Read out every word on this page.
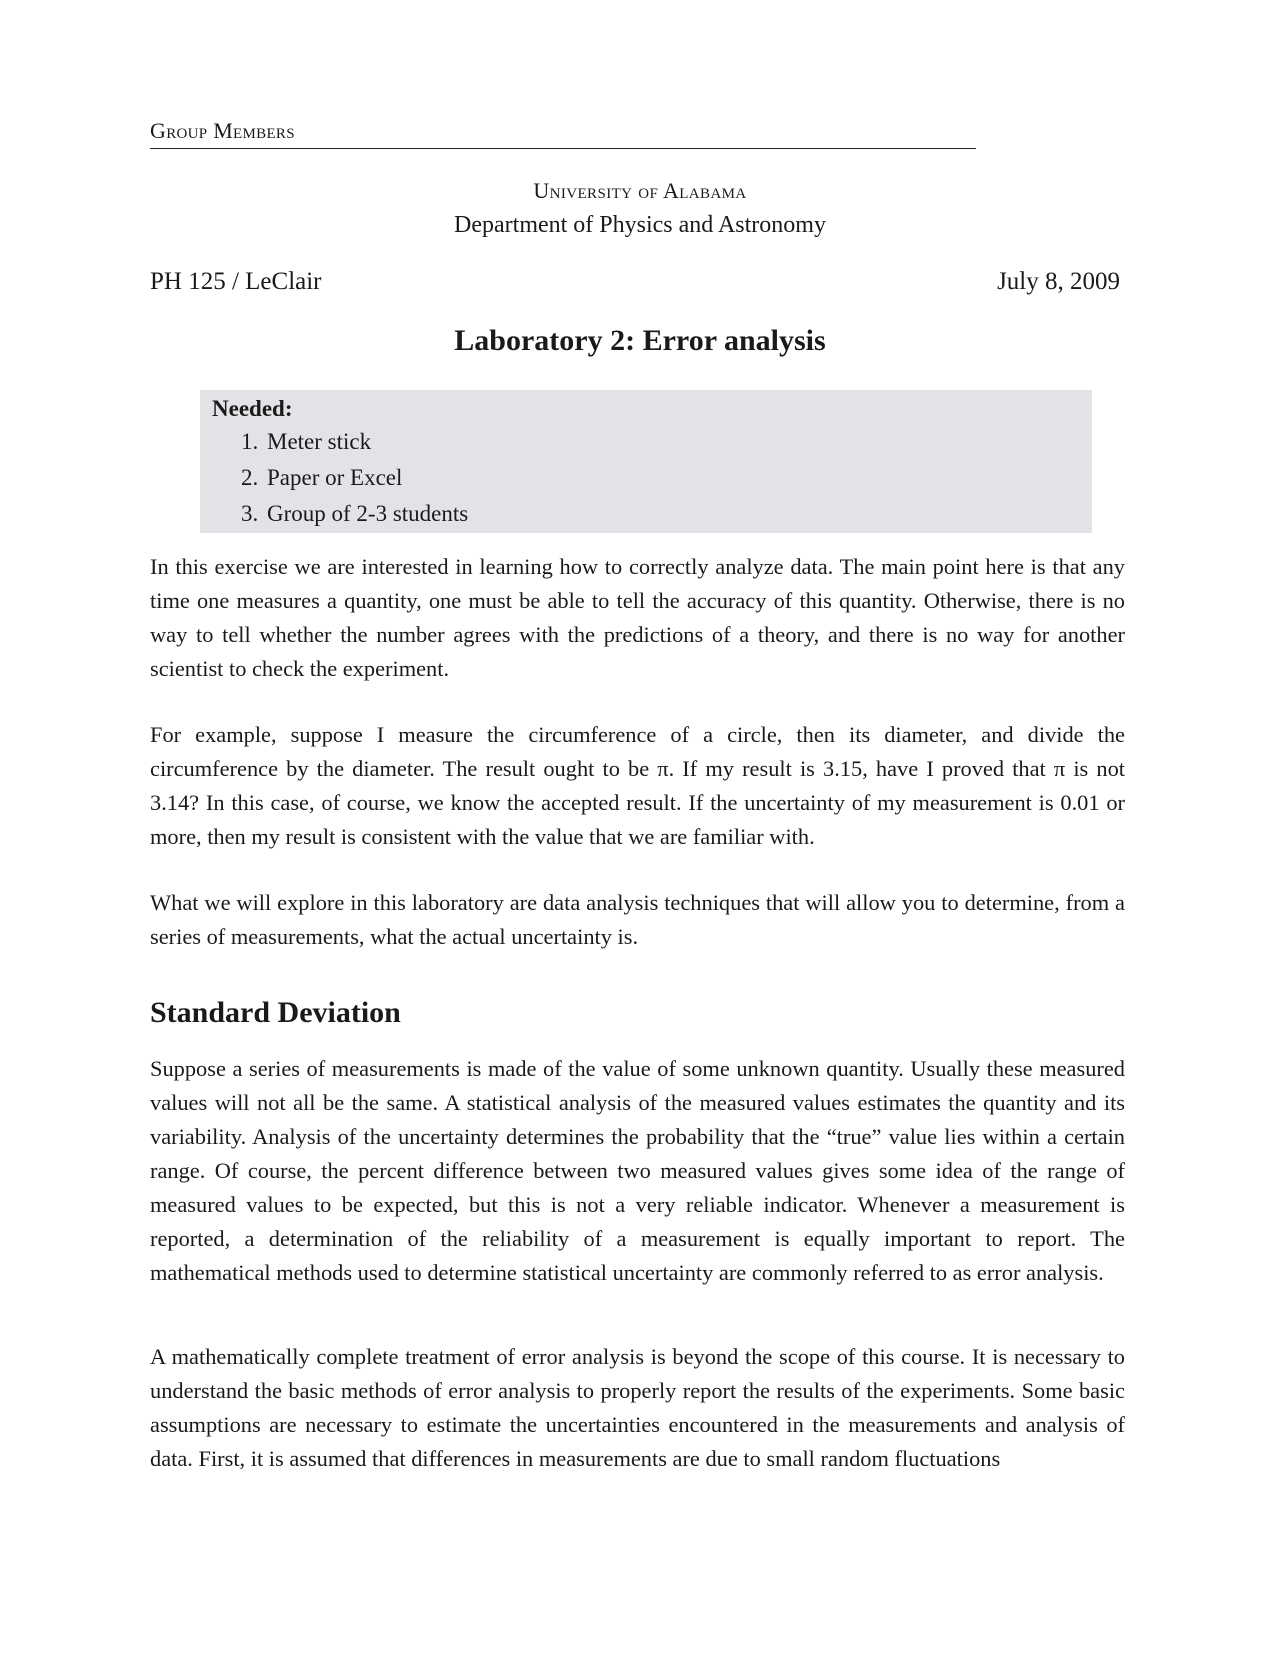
Group Members
University of Alabama
Department of Physics and Astronomy
PH 125 / LeClair	July 8, 2009
Laboratory 2: Error analysis
Needed:
1. Meter stick
2. Paper or Excel
3. Group of 2-3 students

In this exercise we are interested in learning how to correctly analyze data. The main point here is that any time one measures a quantity, one must be able to tell the accuracy of this quantity. Otherwise, there is no way to tell whether the number agrees with the predictions of a theory, and there is no way for another scientist to check the experiment.

For example, suppose I measure the circumference of a circle, then its diameter, and divide the circumference by the diameter. The result ought to be π. If my result is 3.15, have I proved that π is not 3.14? In this case, of course, we know the accepted result. If the uncertainty of my measurement is 0.01 or more, then my result is consistent with the value that we are familiar with.

What we will explore in this laboratory are data analysis techniques that will allow you to determine, from a series of measurements, what the actual uncertainty is.

Standard Deviation

Suppose a series of measurements is made of the value of some unknown quantity. Usually these measured values will not all be the same. A statistical analysis of the measured values estimates the quantity and its variability. Analysis of the uncertainty determines the probability that the “true” value lies within a certain range. Of course, the percent difference between two measured values gives some idea of the range of measured values to be expected, but this is not a very reliable indicator. Whenever a measurement is reported, a determination of the reliability of a measurement is equally important to report. The mathematical methods used to determine statistical uncertainty are commonly referred to as error analysis.

A mathematically complete treatment of error analysis is beyond the scope of this course. It is necessary to understand the basic methods of error analysis to properly report the results of the experiments. Some basic assumptions are necessary to estimate the uncertainties encountered in the measurements and analysis of data. First, it is assumed that differences in measurements are due to small random fluctuations
